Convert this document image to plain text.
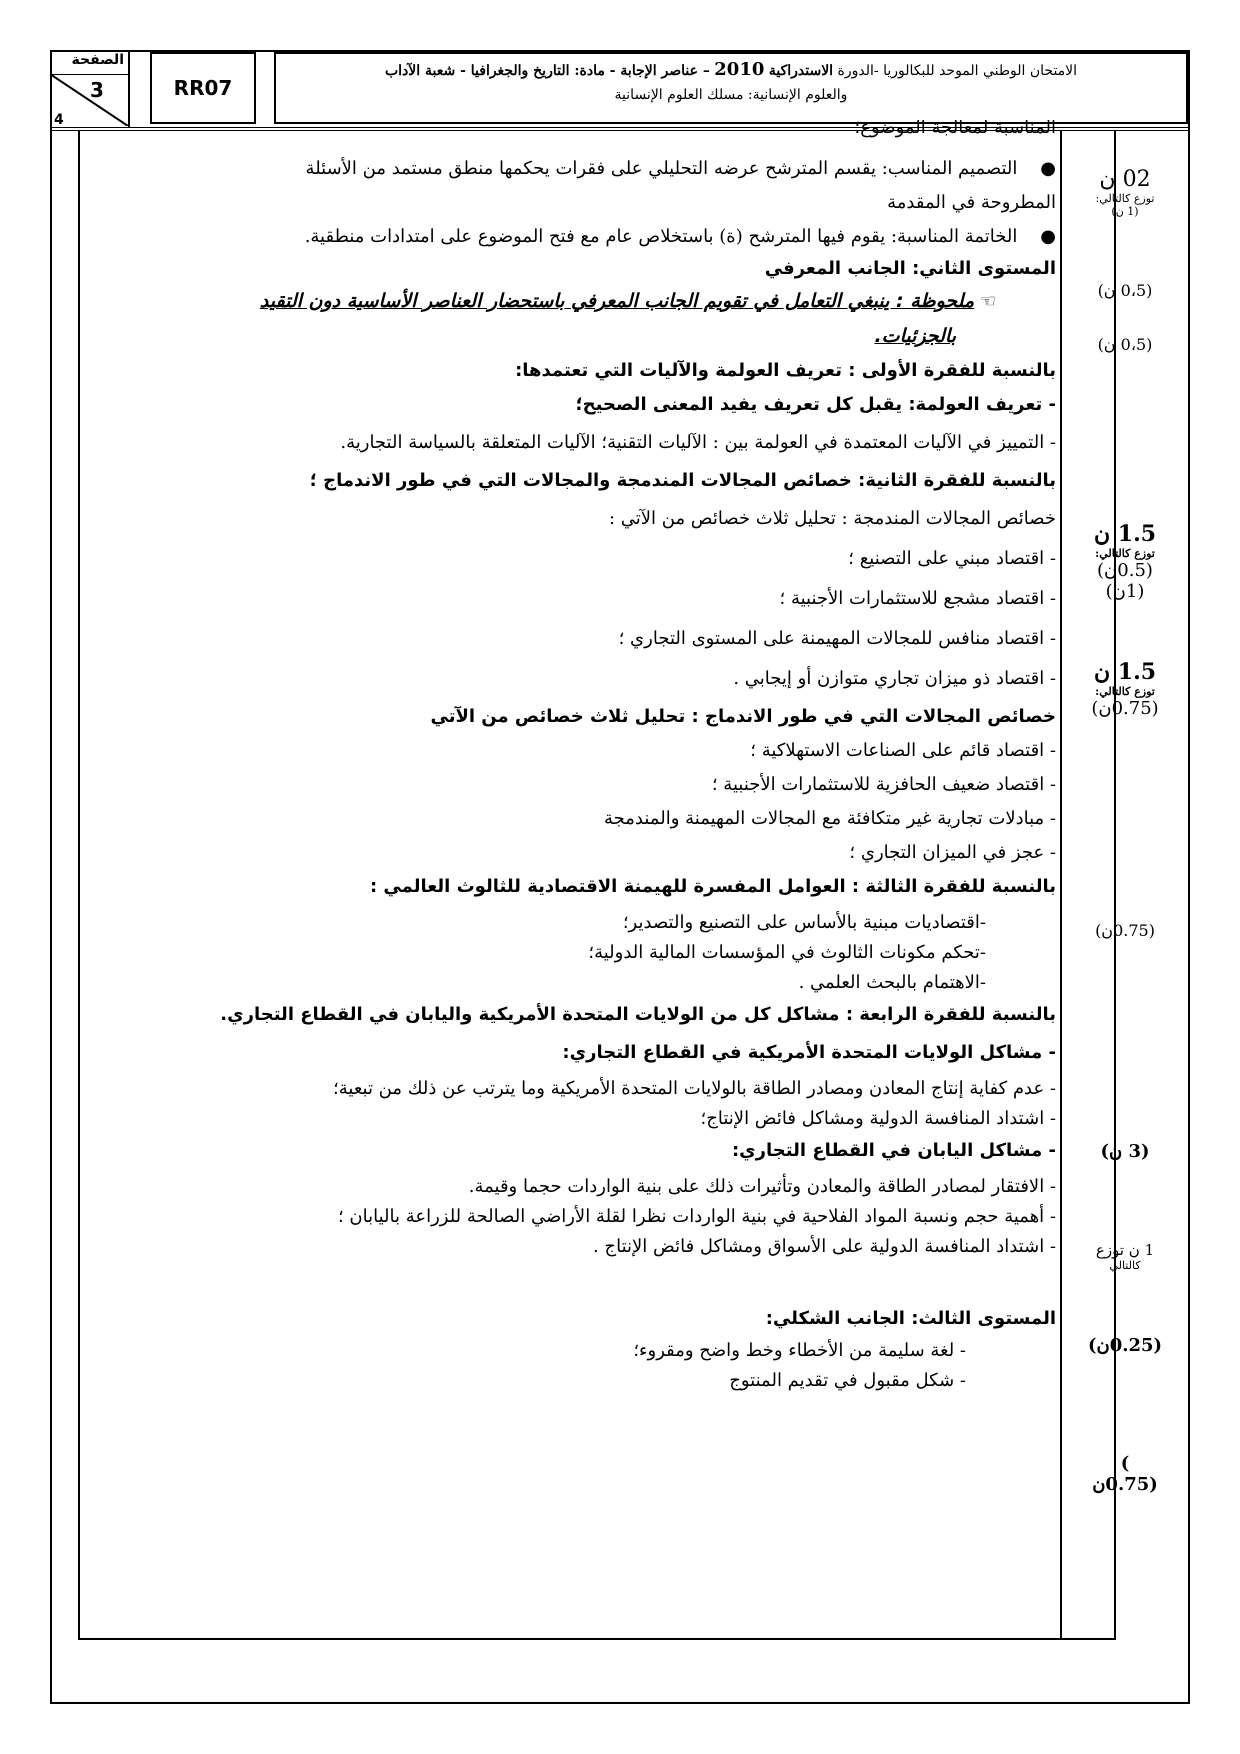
الصفحة
3
4
RR07
الامتحان الوطني الموحد للبكالوريا -الدورة الاستدراكية 2010 – عناصر الإجابة - مادة: التاريخ والجغرافيا - شعبة الآداب
والعلوم الإنسانية: مسلك العلوم الإنسانية
المناسبة لمعالجة الموضوع؛
●    التصميم المناسب: يقسم المترشح عرضه التحليلي على فقرات يحكمها منطق مستمد من الأسئلة
المطروحة في المقدمة
●    الخاتمة المناسبة: يقوم فيها المترشح (ة) باستخلاص عام مع فتح الموضوع على امتدادات منطقية.
المستوى الثاني: الجانب المعرفي
☜ ملحوظة : ينبغي التعامل في تقويم الجانب المعرفي باستحضار العناصر الأساسية دون التقيد
بالجزئيات.
بالنسبة للفقرة الأولى : تعريف العولمة والآليات التي تعتمدها:
- تعريف العولمة: يقبل كل تعريف يفيد المعنى الصحيح؛
- التمييز في الآليات المعتمدة في العولمة بين : الآليات التقنية؛ الآليات المتعلقة بالسياسة التجارية.
بالنسبة للفقرة الثانية: خصائص المجالات المندمجة والمجالات التي في طور الاندماج ؛
خصائص المجالات المندمجة : تحليل ثلاث خصائص من الآتي :
- اقتصاد مبني على التصنيع ؛
- اقتصاد مشجع للاستثمارات الأجنبية ؛
- اقتصاد منافس للمجالات المهيمنة على المستوى التجاري ؛
- اقتصاد ذو ميزان تجاري متوازن أو إيجابي .
خصائص المجالات التي في طور الاندماج : تحليل ثلاث خصائص من الآتي
- اقتصاد قائم على الصناعات الاستهلاكية ؛
- اقتصاد ضعيف الحافزية للاستثمارات الأجنبية ؛
- مبادلات تجارية غير متكافئة مع المجالات المهيمنة والمندمجة
- عجز في الميزان التجاري ؛
بالنسبة للفقرة الثالثة : العوامل المفسرة للهيمنة الاقتصادية للثالوث العالمي :
-اقتصاديات مبنية بالأساس على التصنيع والتصدير؛
-تحكم مكونات الثالوث في المؤسسات المالية الدولية؛
-الاهتمام بالبحث العلمي .
بالنسبة للفقرة الرابعة : مشاكل كل من الولايات المتحدة الأمريكية واليابان في القطاع التجاري.
- مشاكل الولايات المتحدة الأمريكية في القطاع التجاري:
- عدم كفاية إنتاج المعادن ومصادر الطاقة بالولايات المتحدة الأمريكية وما يترتب عن ذلك من تبعية؛
- اشتداد المنافسة الدولية ومشاكل فائض الإنتاج؛
- مشاكل اليابان في القطاع التجاري:
- الافتقار لمصادر الطاقة والمعادن وتأثيرات ذلك على بنية الواردات حجما وقيمة.
- أهمية حجم ونسبة المواد الفلاحية في بنية الواردات نظرا لقلة الأراضي الصالحة للزراعة باليابان ؛
- اشتداد المنافسة الدولية على الأسواق ومشاكل فائض الإنتاج .
المستوى الثالث: الجانب الشكلي:
- لغة سليمة من الأخطاء وخط واضح ومقروء؛
- شكل مقبول في تقديم المنتوج
02 ن
توزع كالتالي:
(1 ن)
(0،5 ن)
(0،5 ن)
1.5 ن
توزع كالتالي:
(0.5ن)
(1ن)
1.5 ن
توزع كالتالي:
(0.75ن)
(0.75ن)
(3 ن)
1 ن توزع
كالتالي
(0.25ن)
)
(0.75ن
